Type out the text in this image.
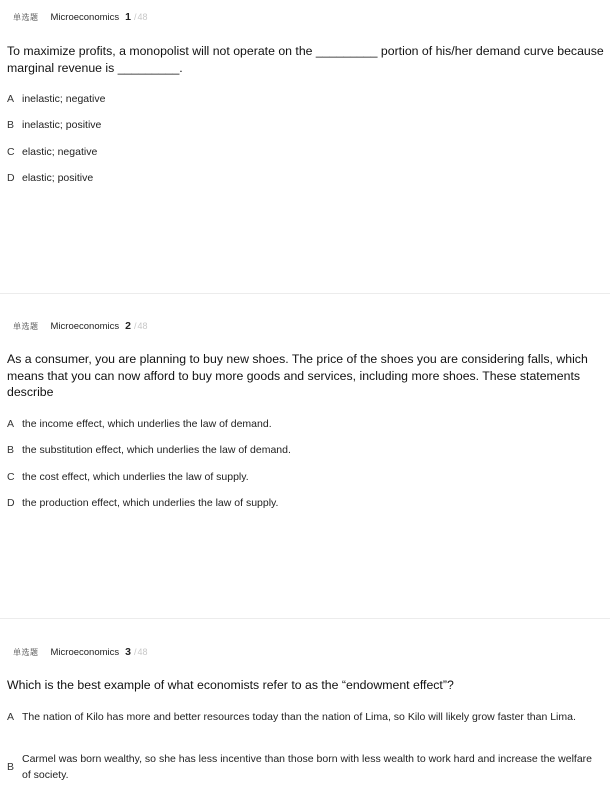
单选题 Microeconomics 1 / 48
To maximize profits, a monopolist will not operate on the _________ portion of his/her demand curve because marginal revenue is _________.
A inelastic; negative
B inelastic; positive
C elastic; negative
D elastic; positive
单选题 Microeconomics 2 / 48
As a consumer, you are planning to buy new shoes. The price of the shoes you are considering falls, which means that you can now afford to buy more goods and services, including more shoes. These statements describe
A the income effect, which underlies the law of demand.
B the substitution effect, which underlies the law of demand.
C the cost effect, which underlies the law of supply.
D the production effect, which underlies the law of supply.
单选题 Microeconomics 3 / 48
Which is the best example of what economists refer to as the “endowment effect”?
A The nation of Kilo has more and better resources today than the nation of Lima, so Kilo will likely grow faster than Lima.
B
Carmel was born wealthy, so she has less incentive than those born with less wealth to work hard and increase the welfare of society.
